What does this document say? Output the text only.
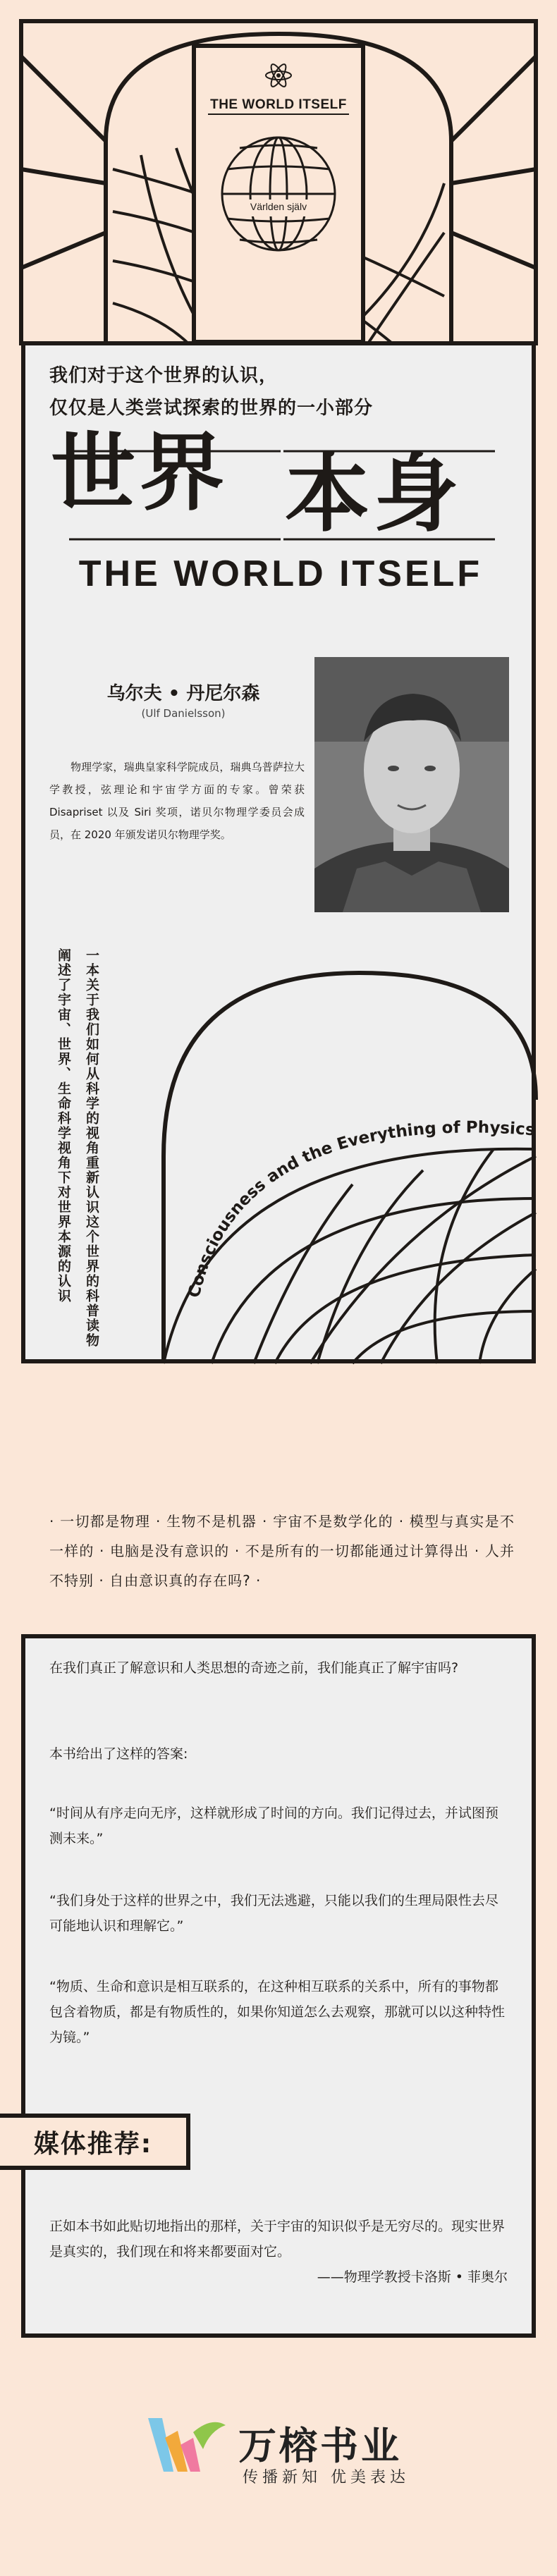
THE WORLD ITSELF
Världen själv
我们对于这个世界的认识，
仅仅是人类尝试探索的世界的一小部分
世界 本身
THE WORLD ITSELF
乌尔夫 • 丹尼尔森
(Ulf Danielsson)
物理学家，瑞典皇家科学院成员，瑞典乌普萨拉大学教授，弦理论和宇宙学方面的专家。曾荣获 Disapriset 以及 Siri 奖项，诺贝尔物理学委员会成员，在 2020 年颁发诺贝尔物理学奖。
一本关于我们如何从科学的视角重新认识这个世界的科普读物
阐述了宇宙、世界、生命科学视角下对世界本源的认识	Consciousness and the Everything of Physics
· 一切都是物理 · 生物不是机器 · 宇宙不是数学化的 · 模型与真实是不一样的 · 电脑是没有意识的 · 不是所有的一切都能通过计算得出 · 人并不特别 · 自由意识真的存在吗? ·
在我们真正了解意识和人类思想的奇迹之前，我们能真正了解宇宙吗?
本书给出了这样的答案:
“时间从有序走向无序，这样就形成了时间的方向。我们记得过去，并试图预测未来。”
“我们身处于这样的世界之中，我们无法逃避，只能以我们的生理局限性去尽可能地认识和理解它。”
“物质、生命和意识是相互联系的，在这种相互联系的关系中，所有的事物都包含着物质，都是有物质性的，如果你知道怎么去观察，那就可以以这种特性为镜。”
媒体推荐:
正如本书如此贴切地指出的那样，关于宇宙的知识似乎是无穷尽的。现实世界是真实的，我们现在和将来都要面对它。
——物理学教授卡洛斯 • 菲奥尔
万榕书业
传播新知 优美表达
